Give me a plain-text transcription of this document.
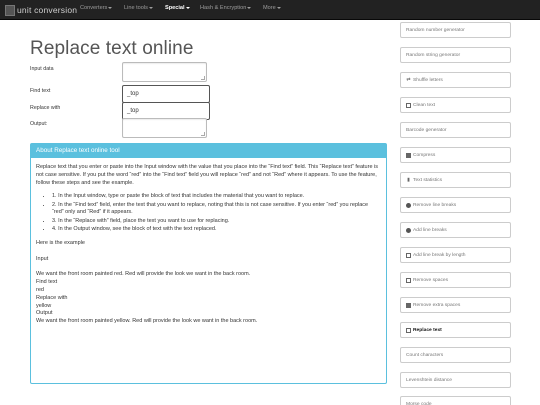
unit conversion Converters	Line tools	Special	Hash & Encryption	More
Replace text online
Input data
Find text	_top
Replace with	_top
Output:
About Replace text online tool

Replace text that you enter or paste into the Input window with the value that you place into the “Find text” field. This “Replace text” feature is not case sensitive. If you put the word “red” into the “Find text” field you will replace “red” and not “Red” where it appears. To use the feature, follow these steps and see the example.

• 1. In the Input window, type or paste the block of text that includes the material that you want to replace.
• 2. In the “Find text” field, enter the text that you want to replace, noting that this is not case sensitive. If you enter “red” you replace “red” only and “Red” if it appears.
• 3. In the “Replace with” field, place the text you want to use for replacing.
• 4. In the Output window, see the block of text with the text replaced.
Here is the example
Input
We want the front room painted red. Red will provide the look we want in the back room.
Find text
red
Replace with
yellow
Output
We want the front room painted yellow. Red will provide the look we want in the back room.
Random number generator
Random string generator
⇄ Shuffle letters
Clean text
Barcode generator
Compress
▮ Text statistics
Remove line breaks
Add line breaks
Add line break by length
Remove spaces
Remove extra spaces
Replace text
Count characters
Levenshtein distance
Morse code
